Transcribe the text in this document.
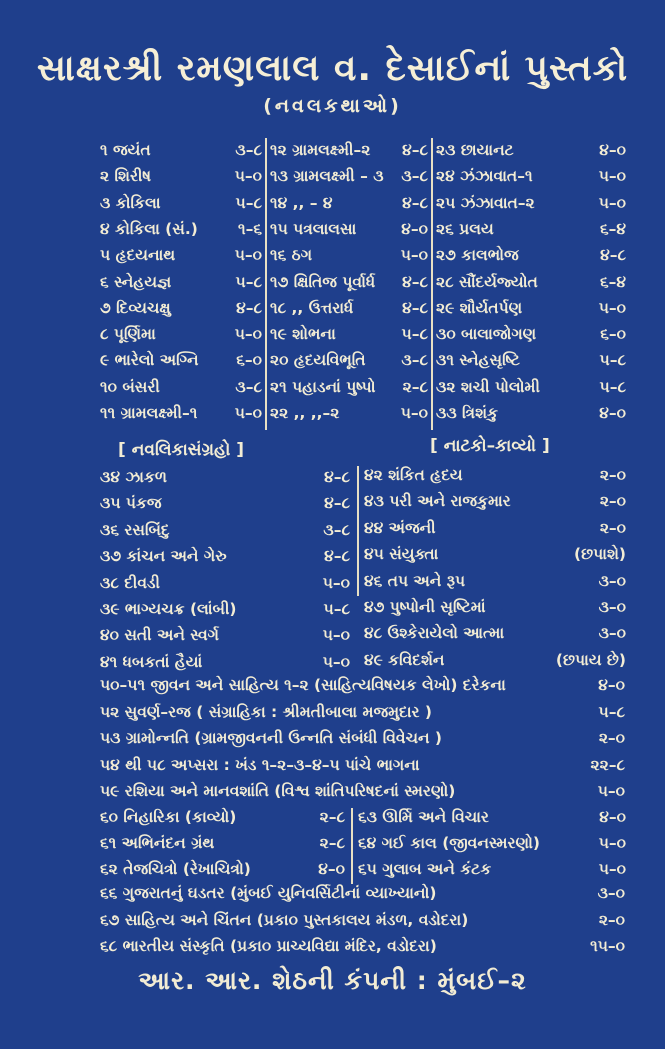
સાક્ષરશ્રી રમણલાલ વ. દેસાઈનાં પુસ્તકો
(નવલકથાઓ)
૧ જયંત	૩–૮
૨ શિરીષ	૫–૦
૩ કોકિલા	૫–૮
૪ કોકિલા (સં.)	૧–૬
૫ હૃદયનાથ	૫–૦
૬ સ્નેહયજ્ઞ	૫–૮
૭ દિવ્યચક્ષુ	૪–૮
૮ પૂર્ણિમા	૫–૦
૯ ભારેલો અગ્નિ ૬–૦
૧૦ બંસરી	૩–૮
૧૧ ગ્રામલક્ષ્મી–૧ ૫–૦
૧૨ ગ્રામલક્ષ્મી–૨ ૪–૮
૧૩ ગ્રામલક્ષ્મી – ૩ ૩–૮
૧૪ ,, – ૪	૪–૮
૧૫ પત્રલાલસા	૪–૦
૧૬ ઠગ	૫–૦
૧૭ ક્ષિતિજ પૂર્વાર્ધ ૪–૮
૧૮ ,, ઉત્તરાર્ધ	૪–૮
૧૯ શોભના	૫–૮
૨૦ હૃદયવિભૂતિ ૩–૮
૨૧ પહાડનાં પુષ્પો ૨–૮
૨૨ ,, ,,–૨	૫–૦
૨૩ છાયાનટ	૪–૦
૨૪ ઝંઝાવાત–૧	૫–૦
૨૫ ઝંઝાવાત–૨	૫–૦
૨૬ પ્રલય	૬–૪
૨૭ કાલભોજ	૪–૮
૨૮ સૌંદર્યજ્યોત	૬–૪
૨૯ શૌર્યતર્પણ	૫–૦
૩૦ બાલાજોગણ	૬–૦
૩૧ સ્નેહસૃષ્ટિ	૫–૮
૩૨ શચી પોલોમી	૫–૮
૩૩ ત્રિશંકુ	૪–૦
[ નવલિકાસંગ્રહો ]	[ નાટકો–કાવ્યો ]
૩૪ ઝાકળ	૪–૮
૩૫ પંકજ	૪–૮
૩૬ રસબિંદુ	૩–૮
૩૭ કાંચન અને ગેરુ	૪–૮
૩૮ દીવડી	૫–૦
૩૯ ભાગ્યચક્ર (લાંબી)	૫–૮
૪૦ સતી અને સ્વર્ગ	૫–૦
૪૧ ધબકતાં હૈયાં	૫–૦
૪૨ શંકિત હૃદય	૨–૦
૪૩ પરી અને રાજકુમાર	૨–૦
૪૪ અંજની	૨–૦
૪૫ સંયુક્તા	(છપાશે)
૪૬ તપ અને રૂપ	૩–૦
૪૭ પુષ્પોની સૃષ્ટિમાં	૩–૦
૪૮ ઉશ્કેરાયેલો આત્મા	૩–૦
૪૯ કવિદર્શન	(છપાય છે)
૫૦–૫૧ જીવન અને સાહિત્ય ૧–૨ (સાહિત્યવિષયક લેખો) દરેકના	૪–૦
૫૨ સુવર્ણ–રજ ( સંગ્રાહિકા : શ્રીમતીબાલા મજમુદાર )	૫–૮
૫૩ ગ્રામોન્નતિ (ગ્રામજીવનની ઉન્નતિ સંબંધી વિવેચન )	૨–૦
૫૪ થી ૫૮ અપ્સરા : ખંડ ૧–૨–૩–૪–૫ પાંચે ભાગના	૨૨–૮
૫૯ રશિયા અને માનવશાંતિ (વિશ્વ શાંતિપરિષદનાં સ્મરણો)	૫–૦
૬૦ નિહારિકા (કાવ્યો)	૨–૮
૬૧ અભિનંદન ગ્રંથ	૨–૮
૬૨ તેજચિત્રો (રેખાચિત્રો)	૪–૦
૬૩ ઊર્મિ અને વિચાર	૪–૦
૬૪ ગઈ કાલ (જીવનસ્મરણો)	૫–૦
૬૫ ગુલાબ અને કંટક	૫–૦
૬૬ ગુજરાતનું ઘડતર (મુંબઈ યુનિવર્સિટીનાં વ્યાખ્યાનો)	૩–૦
૬૭ સાહિત્ય અને ચિંતન (પ્રકા૦ પુસ્તકાલય મંડળ, વડોદરા)	૨–૦
૬૮ ભારતીય સંસ્કૃતિ (પ્રકા૦ પ્રાચ્યવિદ્યા મંદિર, વડોદરા)	૧૫–૦
આર. આર. શેઠની કંપની : મુંબઈ–૨
